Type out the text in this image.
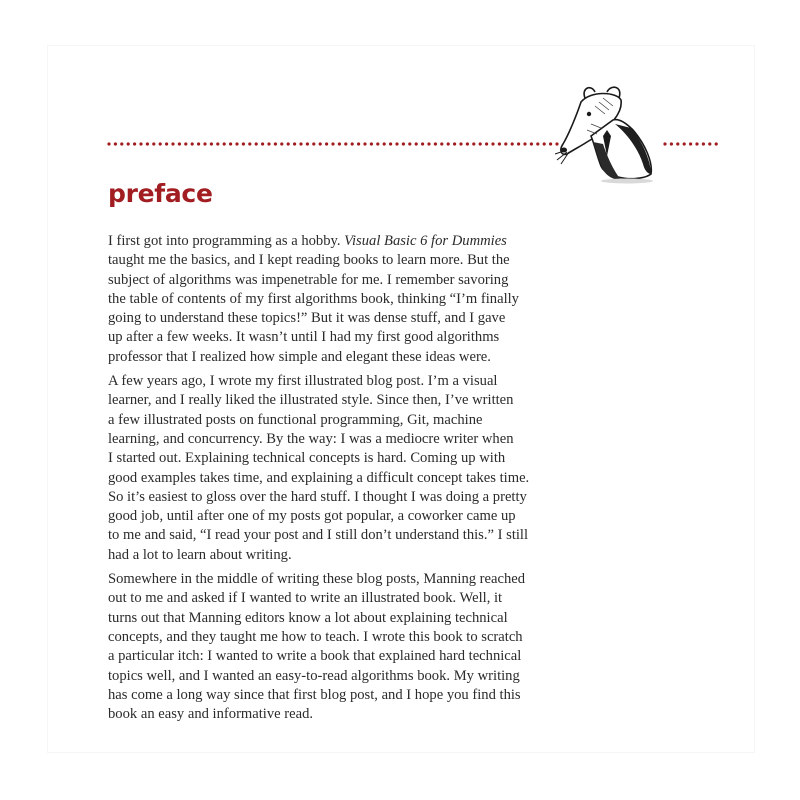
preface

I first got into programming as a hobby. Visual Basic 6 for Dummies
taught me the basics, and I kept reading books to learn more. But the
subject of algorithms was impenetrable for me. I remember savoring
the table of contents of my first algorithms book, thinking “I’m finally
going to understand these topics!” But it was dense stuff, and I gave
up after a few weeks. It wasn’t until I had my first good algorithms
professor that I realized how simple and elegant these ideas were.

A few years ago, I wrote my first illustrated blog post. I’m a visual
learner, and I really liked the illustrated style. Since then, I’ve written
a few illustrated posts on functional programming, Git, machine
learning, and concurrency. By the way: I was a mediocre writer when
I started out. Explaining technical concepts is hard. Coming up with
good examples takes time, and explaining a difficult concept takes time.
So it’s easiest to gloss over the hard stuff. I thought I was doing a pretty
good job, until after one of my posts got popular, a coworker came up
to me and said, “I read your post and I still don’t understand this.” I still
had a lot to learn about writing.

Somewhere in the middle of writing these blog posts, Manning reached
out to me and asked if I wanted to write an illustrated book. Well, it
turns out that Manning editors know a lot about explaining technical
concepts, and they taught me how to teach. I wrote this book to scratch
a particular itch: I wanted to write a book that explained hard technical
topics well, and I wanted an easy-to-read algorithms book. My writing
has come a long way since that first blog post, and I hope you find this
book an easy and informative read.
